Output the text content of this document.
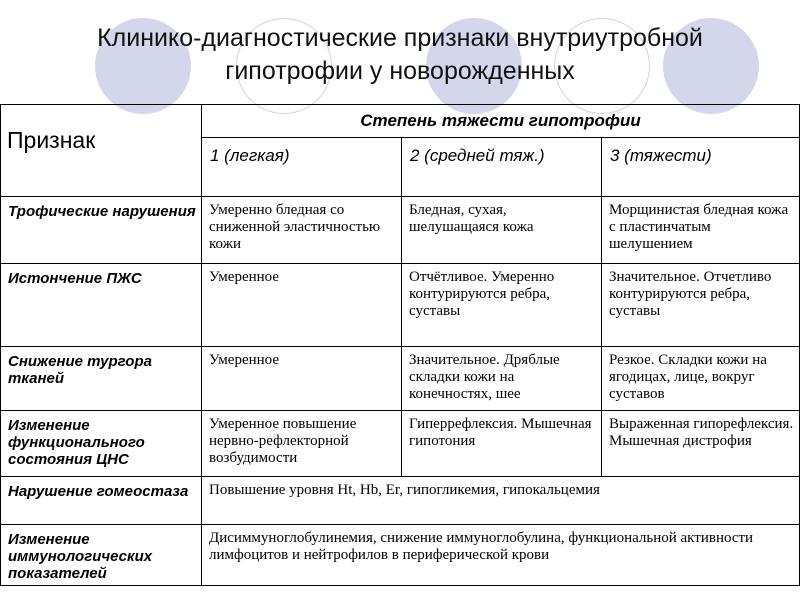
Клинико-диагностические признаки внутриутробной
гипотрофии у новорожденных
Признак	Степень тяжести гипотрофии		
	1 (легкая)	2 (средней тяж.)	3 (тяжести)
Трофические нарушения	Умеренно бледная со сниженной эластичностью кожи	Бледная, сухая, шелушащаяся кожа	Морщинистая бледная кожа с пластинчатым шелушением
Истончение ПЖС	Умеренное	Отчётливое. Умеренно контурируются ребра, суставы	Значительное. Отчетливо контурируются ребра, суставы
Снижение тургора тканей	Умеренное	Значительное. Дряблые складки кожи на конечностях, шее	Резкое. Складки кожи на ягодицах, лице, вокруг суставов
Изменение функционального состояния ЦНС	Умеренное повышение нервно-рефлекторной возбудимости	Гиперрефлексия. Мышечная гипотония	Выраженная гипорефлексия. Мышечная дистрофия
Нарушение гомеостаза	Повышение уровня Ht, Hb, Er, гипогликемия, гипокальцемия		
Изменение иммунологических показателей	Дисиммуноглобулинемия, снижение иммуноглобулина, функциональной активности лимфоцитов и нейтрофилов в периферической крови		
